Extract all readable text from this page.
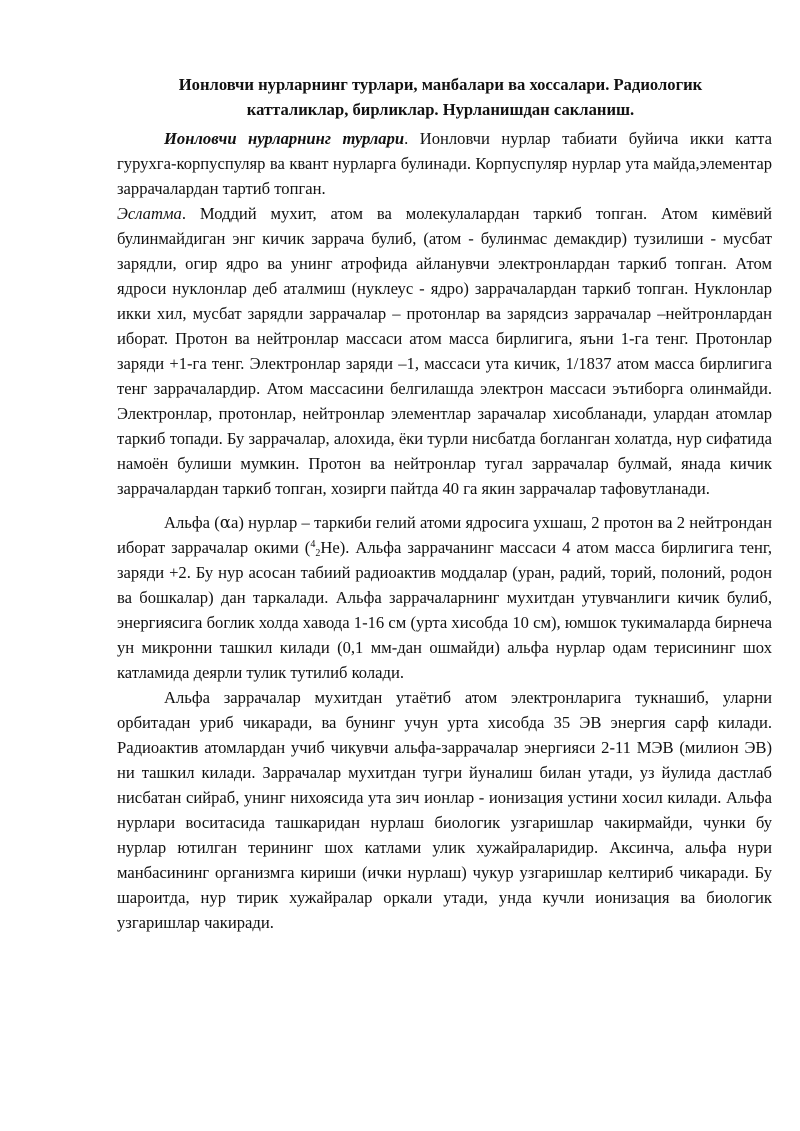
Ионловчи нурларнинг турлари, манбалари ва хоссалари. Радиологик
катталиклар, бирликлар. Нурланишдан сакланиш.

Ионловчи нурларнинг турлари. Ионловчи нурлар табиати буйича икки катта гурухга-корпуспуляр ва квант нурларга булинади. Корпуспуляр нурлар ута майда,элементар заррачалардан тартиб топган.

Эслатма. Моддий мухит, атом ва молекулалардан таркиб топган. Атом кимёвий булинмайдиган энг кичик заррача булиб, (атом - булинмас демакдир) тузилиши - мусбат зарядли, огир ядро ва унинг атрофида айланувчи электронлардан таркиб топган. Атом ядроси нуклонлар деб аталмиш (нуклеус - ядро) заррачалардан таркиб топган. Нуклонлар икки хил, мусбат зарядли заррачалар – протонлар ва зарядсиз заррачалар –нейтронлардан иборат. Протон ва нейтронлар массаси атом масса бирлигига, яъни 1-га тенг. Протонлар заряди +1-га тенг. Электронлар заряди –1, массаси ута кичик, 1/1837 атом масса бирлигига тенг заррачалардир. Атом массасини белгилашда электрон массаси эътиборга олинмайди. Электронлар, протонлар, нейтронлар элементлар зарачалар хисобланади, улардан атомлар таркиб топади. Бу заррачалар, алохида, ёки турли нисбатда богланган холатда, нур сифатида намоён булиши мумкин. Протон ва нейтронлар тугал заррачалар булмай, янада кичик заррачалардан таркиб топган, хозирги пайтда 40 га якин заррачалар тафовутланади.

Альфа (αа) нурлар – таркиби гелий атоми ядросига ухшаш, 2 протон ва 2 нейтрондан иборат заррачалар окими ($^4_2$He). Альфа заррачанинг массаси 4 атом масса бирлигига тенг, заряди +2. Бу нур асосан табиий радиоактив моддалар (уран, радий, торий, полоний, родон ва бошкалар) дан таркалади. Альфа заррачаларнинг мухитдан утувчанлиги кичик булиб, энергиясига боглик холда хавода 1-16 см (урта хисобда 10 см), юмшок тукималарда бирнеча ун микронни ташкил килади (0,1 мм-дан ошмайди) альфа нурлар одам терисининг шох катламида деярли тулик тутилиб колади.

Альфа заррачалар мухитдан утаётиб атом электронларига тукнашиб, уларни орбитадан уриб чикаради, ва бунинг учун урта хисобда 35 ЭВ энергия сарф килади. Радиоактив атомлардан учиб чикувчи альфа-заррачалар энергияси 2-11 МЭВ (милион ЭВ) ни ташкил килади. Заррачалар мухитдан тугри йуналиш билан утади, уз йулида дастлаб нисбатан сийраб, унинг нихоясида ута зич ионлар - ионизация устини хосил килади. Альфа нурлари воситасида ташкаридан нурлаш биологик узгаришлар чакирмайди, чунки бу нурлар ютилган терининг шох катлами улик хужайраларидир. Аксинча, альфа нури манбасининг организмга кириши (ички нурлаш) чукур узгаришлар келтириб чикаради. Бу шароитда, нур тирик хужайралар оркали утади, унда кучли ионизация ва биологик узгаришлар чакиради.
